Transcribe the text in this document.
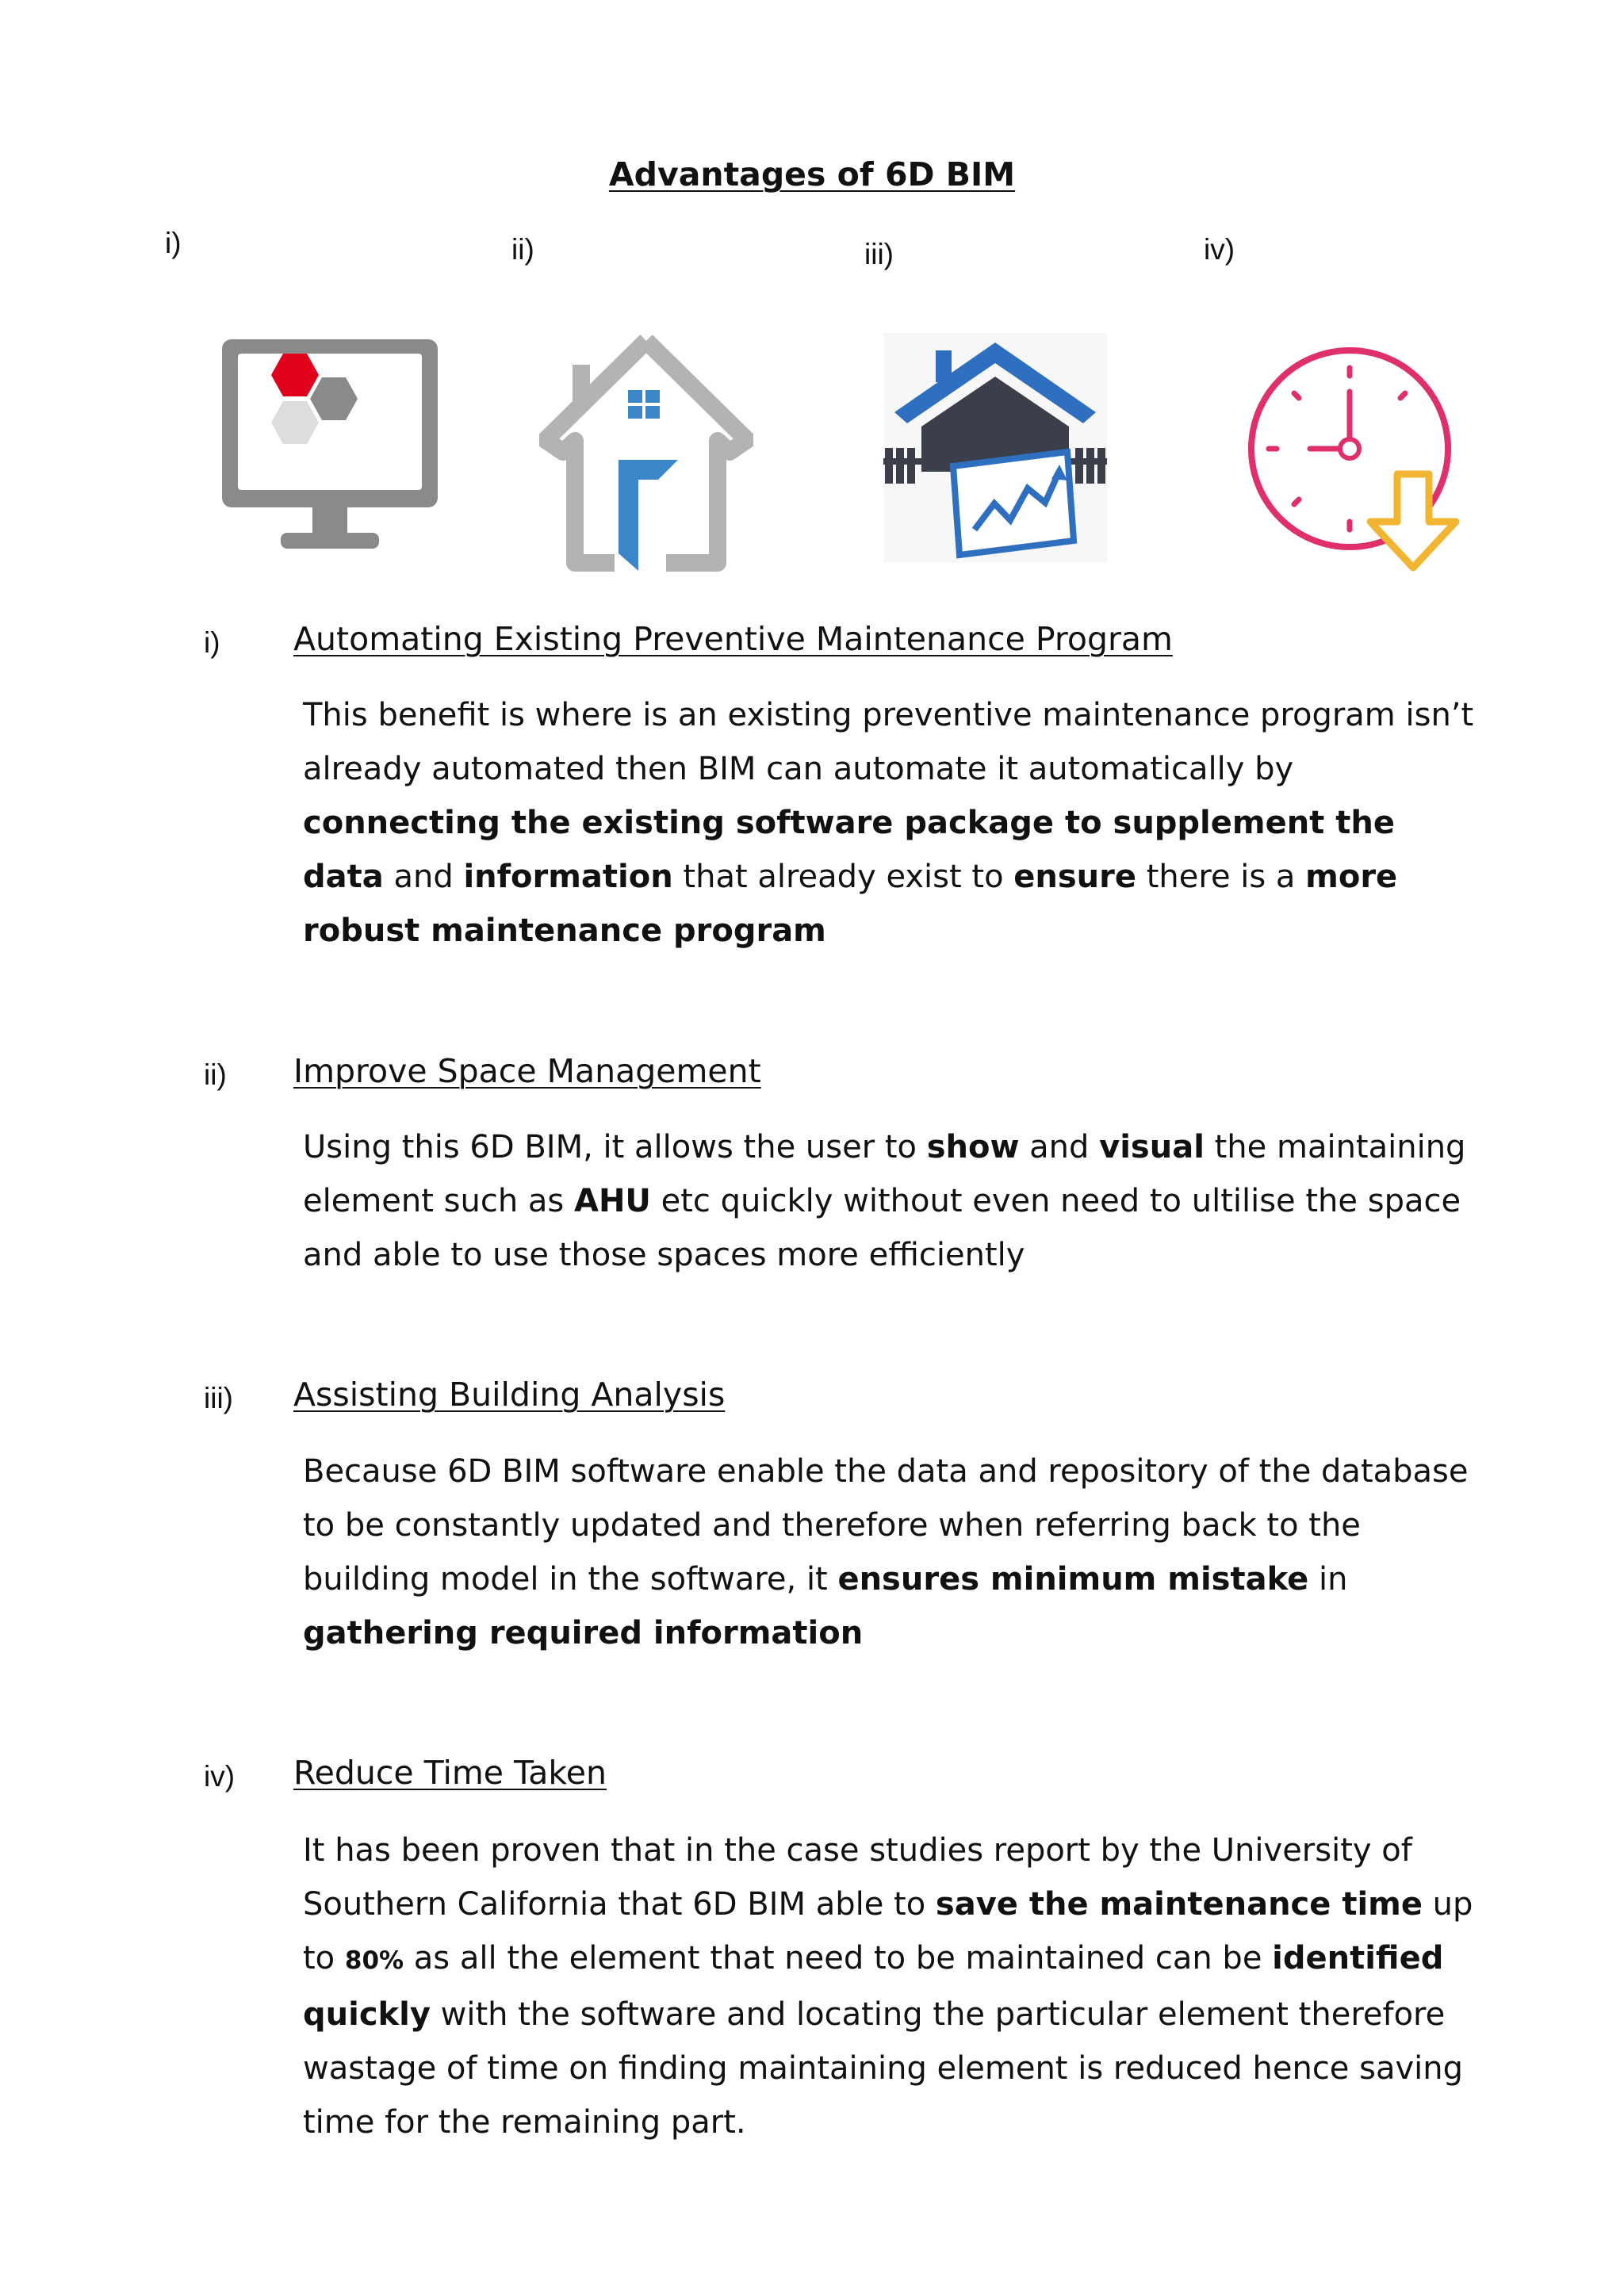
Advantages of 6D BIM
i)	ii)	iii)	iv)
i) Automating Existing Preventive Maintenance Program
This benefit is where is an existing preventive maintenance program isn’t already automated then BIM can automate it automatically by connecting the existing software package to supplement the data and information that already exist to ensure there is a more robust maintenance program
ii) Improve Space Management
Using this 6D BIM, it allows the user to show and visual the maintaining element such as AHU etc quickly without even need to ultilise the space and able to use those spaces more efficiently
iii) Assisting Building Analysis
Because 6D BIM software enable the data and repository of the database to be constantly updated and therefore when referring back to the building model in the software, it ensures minimum mistake in gathering required information
iv) Reduce Time Taken
It has been proven that in the case studies report by the University of Southern California that 6D BIM able to save the maintenance time up to 80% as all the element that need to be maintained can be identified quickly with the software and locating the particular element therefore wastage of time on finding maintaining element is reduced hence saving time for the remaining part.
